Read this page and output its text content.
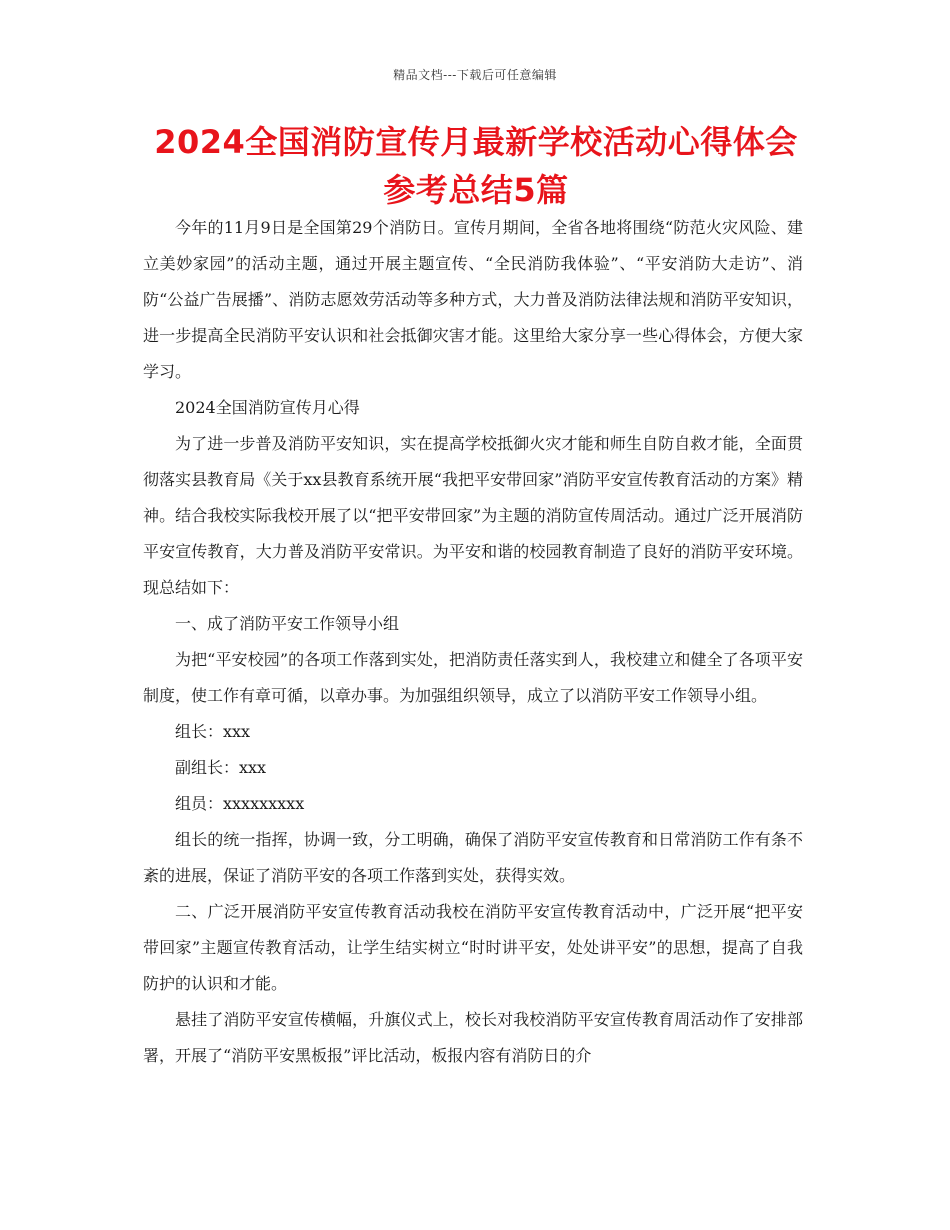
精品文档---下载后可任意编辑
2024全国消防宣传月最新学校活动心得体会参考总结5篇

今年的11月9日是全国第29个消防日。宣传月期间，全省各地将围绕“防范火灾风险、建立美妙家园”的活动主题，通过开展主题宣传、“全民消防我体验”、“平安消防大走访”、消防“公益广告展播”、消防志愿效劳活动等多种方式，大力普及消防法律法规和消防平安知识，进一步提高全民消防平安认识和社会抵御灾害才能。这里给大家分享一些心得体会，方便大家学习。

2024全国消防宣传月心得

为了进一步普及消防平安知识，实在提高学校抵御火灾才能和师生自防自救才能，全面贯彻落实县教育局《关于xx县教育系统开展“我把平安带回家”消防平安宣传教育活动的方案》精神。结合我校实际我校开展了以“把平安带回家”为主题的消防宣传周活动。通过广泛开展消防平安宣传教育，大力普及消防平安常识。为平安和谐的校园教育制造了良好的消防平安环境。现总结如下：

一、成了消防平安工作领导小组

为把“平安校园”的各项工作落到实处，把消防责任落实到人，我校建立和健全了各项平安制度，使工作有章可循，以章办事。为加强组织领导，成立了以消防平安工作领导小组。

组长：xxx

副组长：xxx

组员：xxxxxxxxx

组长的统一指挥，协调一致，分工明确，确保了消防平安宣传教育和日常消防工作有条不紊的进展，保证了消防平安的各项工作落到实处，获得实效。

二、广泛开展消防平安宣传教育活动我校在消防平安宣传教育活动中，广泛开展“把平安带回家”主题宣传教育活动，让学生结实树立“时时讲平安，处处讲平安”的思想，提高了自我防护的认识和才能。

悬挂了消防平安宣传横幅，升旗仪式上，校长对我校消防平安宣传教育周活动作了安排部署，开展了“消防平安黑板报”评比活动，板报内容有消防日的介
